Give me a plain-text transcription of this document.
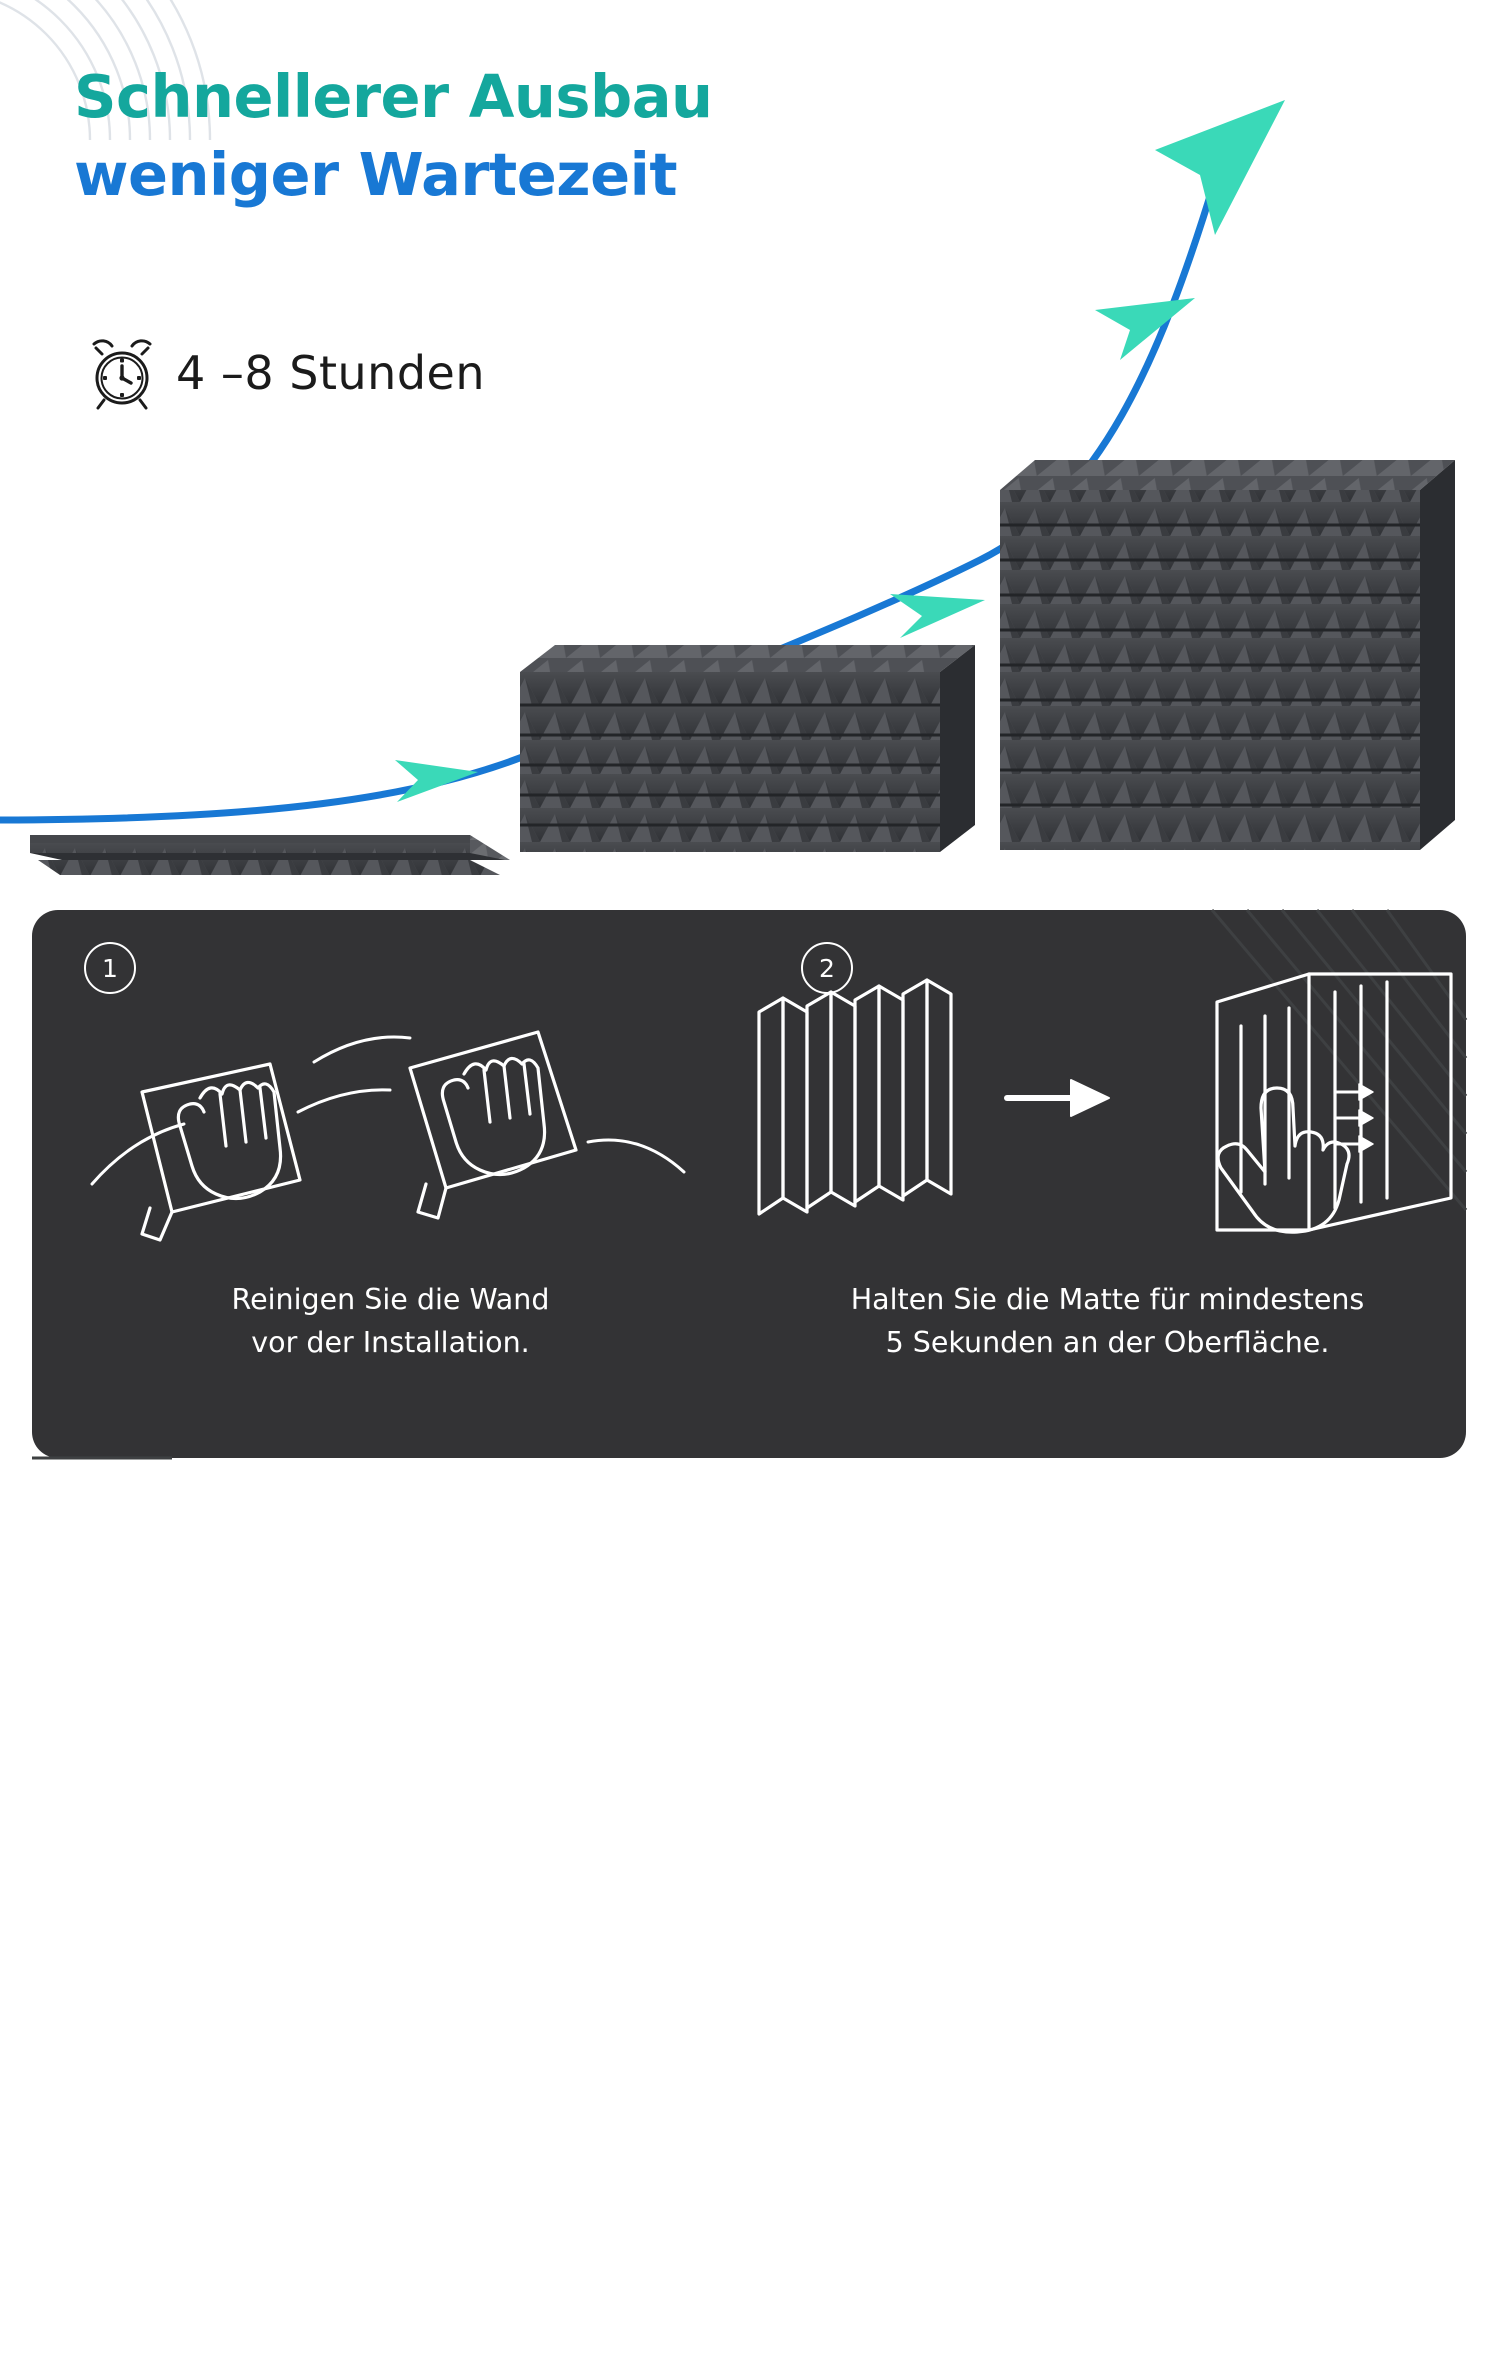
Schnellerer Ausbau
weniger Wartezeit
4 –8 Stunden
1	2
Reinigen Sie die Wand
vor der Installation.
Halten Sie die Matte für mindestens
5 Sekunden an der Oberfläche.
Diese Produkte enthalten keine doppelseitige Klebemittel, bitte separat kaufen.
